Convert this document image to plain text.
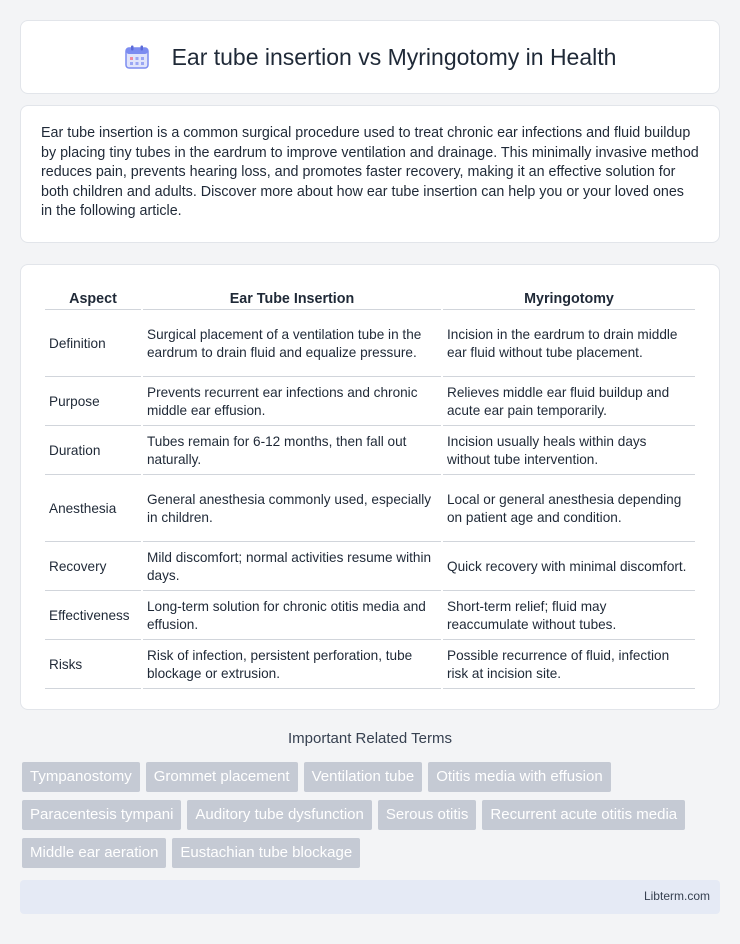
Ear tube insertion vs Myringotomy in Health

Ear tube insertion is a common surgical procedure used to treat chronic ear infections and fluid buildup by placing tiny tubes in the eardrum to improve ventilation and drainage. This minimally invasive method reduces pain, prevents hearing loss, and promotes faster recovery, making it an effective solution for both children and adults. Discover more about how ear tube insertion can help you or your loved ones in the following article.

Aspect	Ear Tube Insertion	Myringotomy
Definition	Surgical placement of a ventilation tube in the eardrum to drain fluid and equalize pressure.	Incision in the eardrum to drain middle ear fluid without tube placement.
Purpose	Prevents recurrent ear infections and chronic middle ear effusion.	Relieves middle ear fluid buildup and acute ear pain temporarily.
Duration	Tubes remain for 6-12 months, then fall out naturally.	Incision usually heals within days without tube intervention.
Anesthesia	General anesthesia commonly used, especially in children.	Local or general anesthesia depending on patient age and condition.
Recovery	Mild discomfort; normal activities resume within days.	Quick recovery with minimal discomfort.
Effectiveness	Long-term solution for chronic otitis media and effusion.	Short-term relief; fluid may reaccumulate without tubes.
Risks	Risk of infection, persistent perforation, tube blockage or extrusion.	Possible recurrence of fluid, infection risk at incision site.
Important Related Terms
Tympanostomy	Grommet placement	Ventilation tube	Otitis media with effusion
Paracentesis tympani	Auditory tube dysfunction	Serous otitis	Recurrent acute otitis media
Middle ear aeration	Eustachian tube blockage
Libterm.com
